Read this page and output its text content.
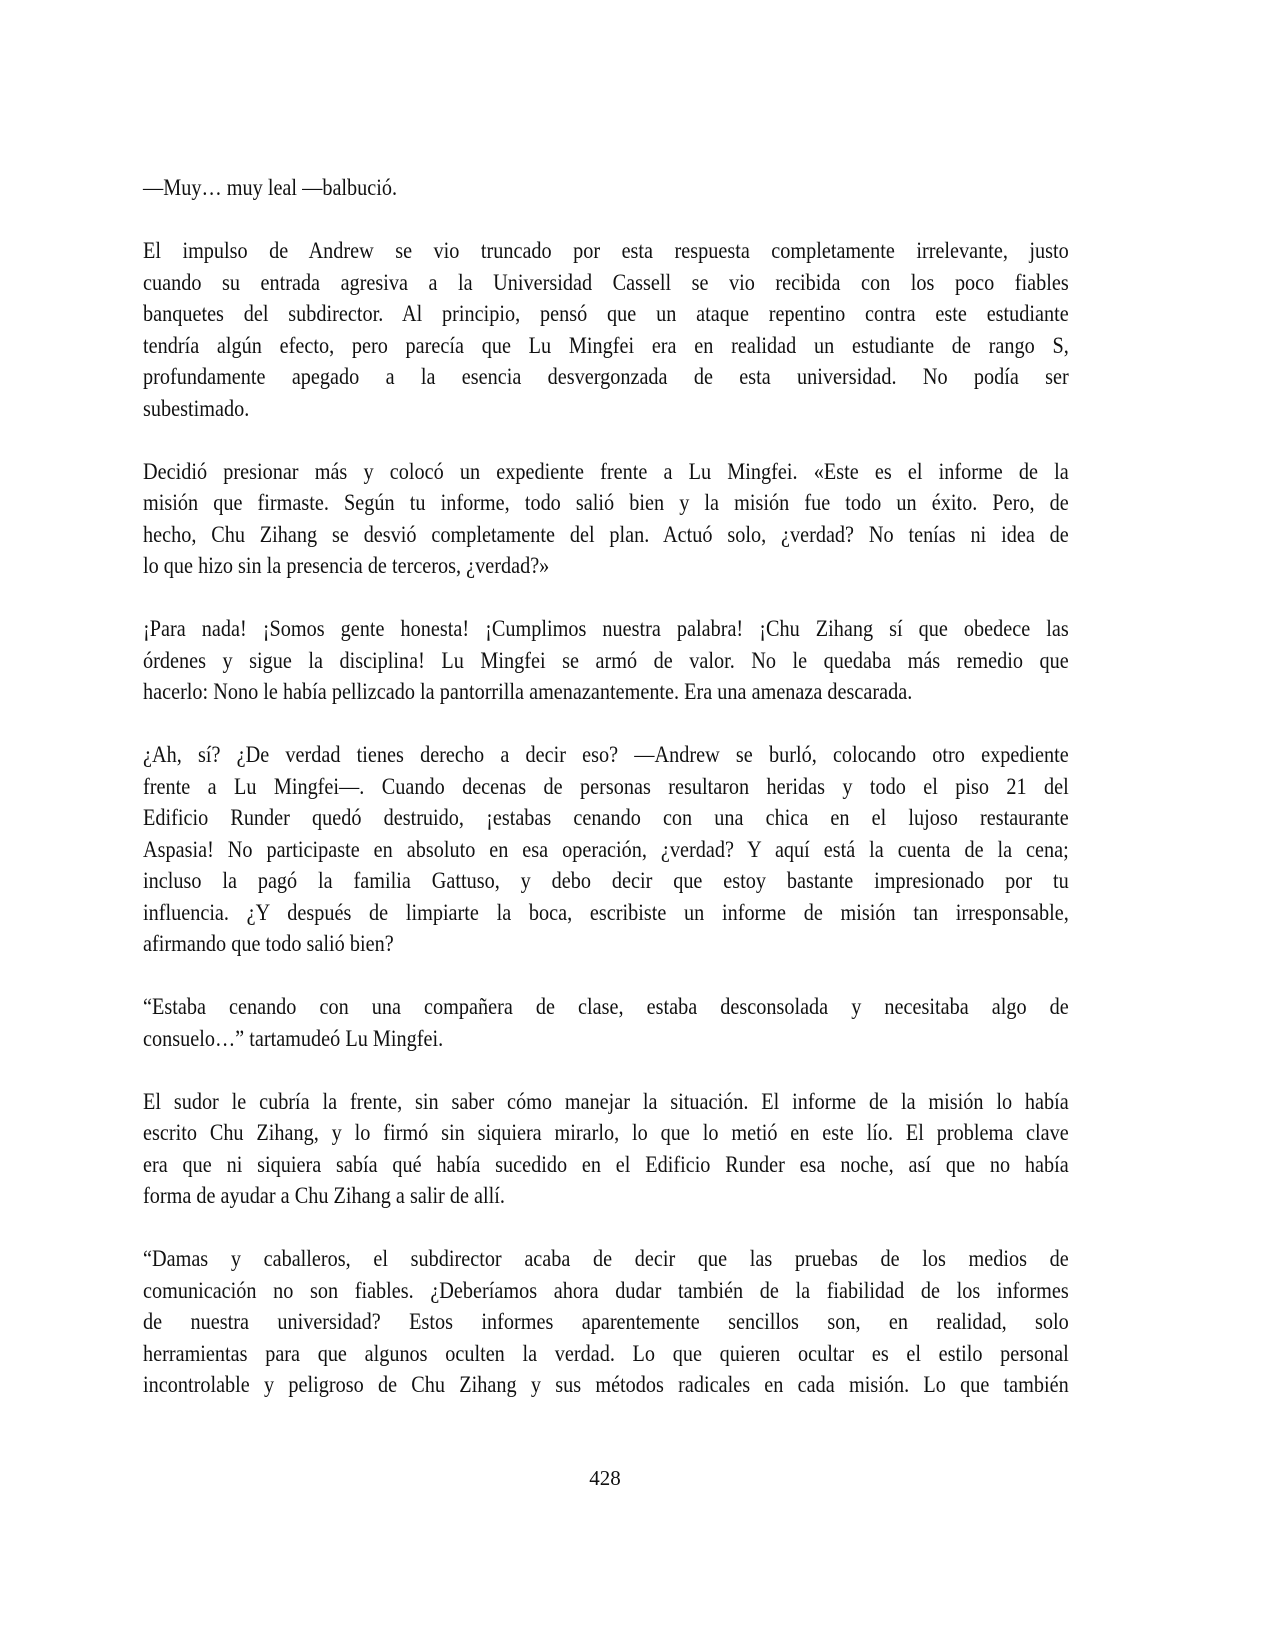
—Muy… muy leal —balbució.
El impulso de Andrew se vio truncado por esta respuesta completamente irrelevante, justo
cuando su entrada agresiva a la Universidad Cassell se vio recibida con los poco fiables
banquetes del subdirector. Al principio, pensó que un ataque repentino contra este estudiante
tendría algún efecto, pero parecía que Lu Mingfei era en realidad un estudiante de rango S,
profundamente apegado a la esencia desvergonzada de esta universidad. No podía ser
subestimado.
Decidió presionar más y colocó un expediente frente a Lu Mingfei. «Este es el informe de la
misión que firmaste. Según tu informe, todo salió bien y la misión fue todo un éxito. Pero, de
hecho, Chu Zihang se desvió completamente del plan. Actuó solo, ¿verdad? No tenías ni idea de
lo que hizo sin la presencia de terceros, ¿verdad?»
¡Para nada! ¡Somos gente honesta! ¡Cumplimos nuestra palabra! ¡Chu Zihang sí que obedece las
órdenes y sigue la disciplina! Lu Mingfei se armó de valor. No le quedaba más remedio que
hacerlo: Nono le había pellizcado la pantorrilla amenazantemente. Era una amenaza descarada.
¿Ah, sí? ¿De verdad tienes derecho a decir eso? —Andrew se burló, colocando otro expediente
frente a Lu Mingfei—. Cuando decenas de personas resultaron heridas y todo el piso 21 del
Edificio Runder quedó destruido, ¡estabas cenando con una chica en el lujoso restaurante
Aspasia! No participaste en absoluto en esa operación, ¿verdad? Y aquí está la cuenta de la cena;
incluso la pagó la familia Gattuso, y debo decir que estoy bastante impresionado por tu
influencia. ¿Y después de limpiarte la boca, escribiste un informe de misión tan irresponsable,
afirmando que todo salió bien?
“Estaba cenando con una compañera de clase, estaba desconsolada y necesitaba algo de
consuelo…” tartamudeó Lu Mingfei.
El sudor le cubría la frente, sin saber cómo manejar la situación. El informe de la misión lo había
escrito Chu Zihang, y lo firmó sin siquiera mirarlo, lo que lo metió en este lío. El problema clave
era que ni siquiera sabía qué había sucedido en el Edificio Runder esa noche, así que no había
forma de ayudar a Chu Zihang a salir de allí.
“Damas y caballeros, el subdirector acaba de decir que las pruebas de los medios de
comunicación no son fiables. ¿Deberíamos ahora dudar también de la fiabilidad de los informes
de nuestra universidad? Estos informes aparentemente sencillos son, en realidad, solo
herramientas para que algunos oculten la verdad. Lo que quieren ocultar es el estilo personal
incontrolable y peligroso de Chu Zihang y sus métodos radicales en cada misión. Lo que también
428
